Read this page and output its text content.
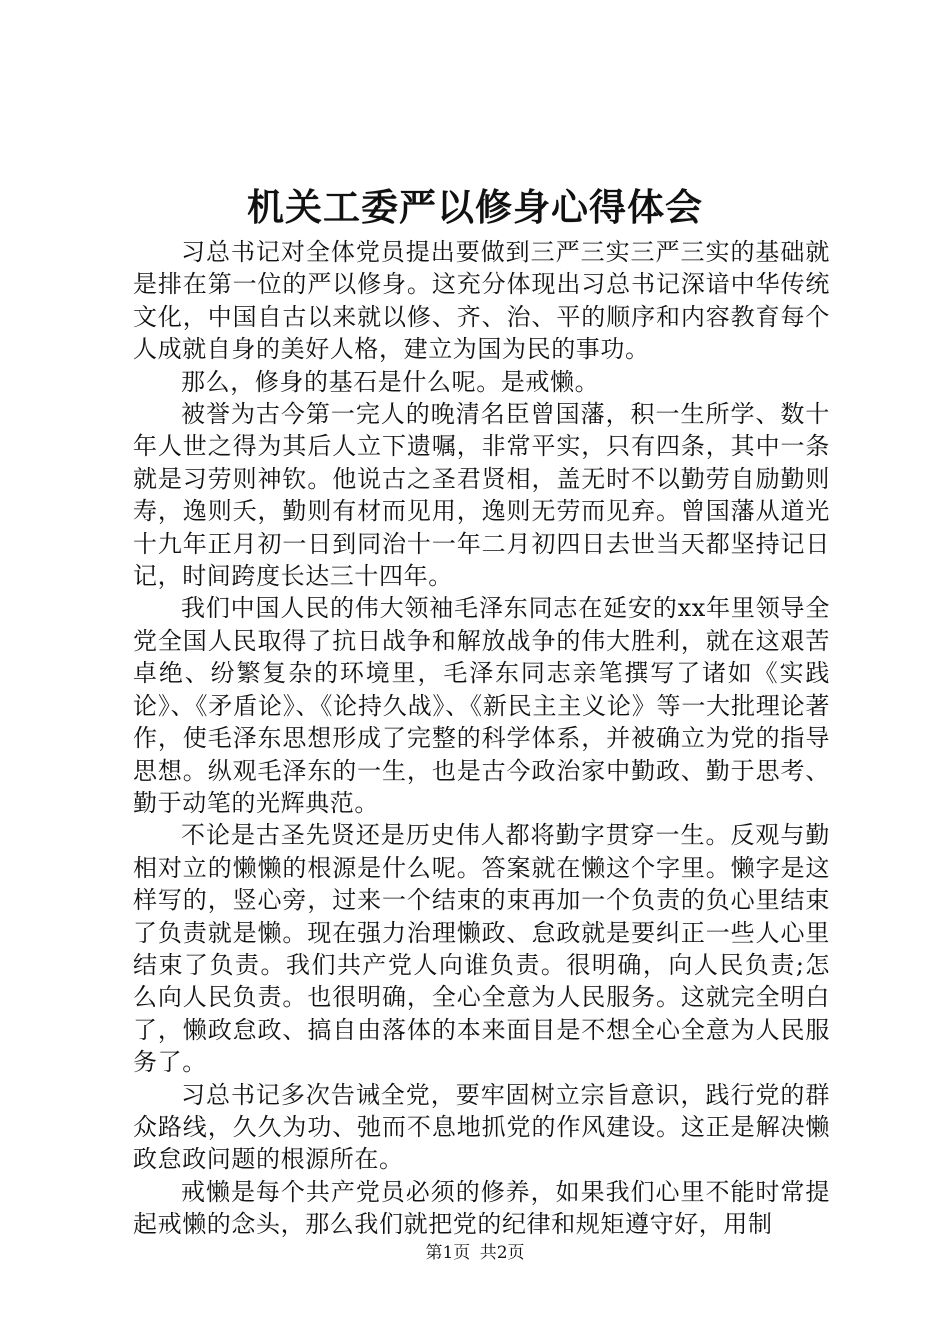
机关工委严以修身心得体会

习总书记对全体党员提出要做到三严三实三严三实的基础就是排在第一位的严以修身。这充分体现出习总书记深谙中华传统文化，中国自古以来就以修、齐、治、平的顺序和内容教育每个人成就自身的美好人格，建立为国为民的事功。

那么，修身的基石是什么呢。是戒懒。

被誉为古今第一完人的晚清名臣曾国藩，积一生所学、数十年人世之得为其后人立下遗嘱，非常平实，只有四条，其中一条就是习劳则神钦。他说古之圣君贤相，盖无时不以勤劳自励勤则寿，逸则夭，勤则有材而见用，逸则无劳而见弃。曾国藩从道光十九年正月初一日到同治十一年二月初四日去世当天都坚持记日记，时间跨度长达三十四年。

我们中国人民的伟大领袖毛泽东同志在延安的xx年里领导全党全国人民取得了抗日战争和解放战争的伟大胜利，就在这艰苦卓绝、纷繁复杂的环境里，毛泽东同志亲笔撰写了诸如《实践论》、《矛盾论》、《论持久战》、《新民主主义论》等一大批理论著作，使毛泽东思想形成了完整的科学体系，并被确立为党的指导思想。纵观毛泽东的一生，也是古今政治家中勤政、勤于思考、勤于动笔的光辉典范。

不论是古圣先贤还是历史伟人都将勤字贯穿一生。反观与勤相对立的懒懒的根源是什么呢。答案就在懒这个字里。懒字是这样写的，竖心旁，过来一个结束的束再加一个负责的负心里结束了负责就是懒。现在强力治理懒政、怠政就是要纠正一些人心里结束了负责。我们共产党人向谁负责。很明确，向人民负责;怎么向人民负责。也很明确，全心全意为人民服务。这就完全明白了，懒政怠政、搞自由落体的本来面目是不想全心全意为人民服务了。

习总书记多次告诫全党，要牢固树立宗旨意识，践行党的群众路线，久久为功、弛而不息地抓党的作风建设。这正是解决懒政怠政问题的根源所在。

戒懒是每个共产党员必须的修养，如果我们心里不能时常提起戒懒的念头，那么我们就把党的纪律和规矩遵守好，用制

第1页 共2页
